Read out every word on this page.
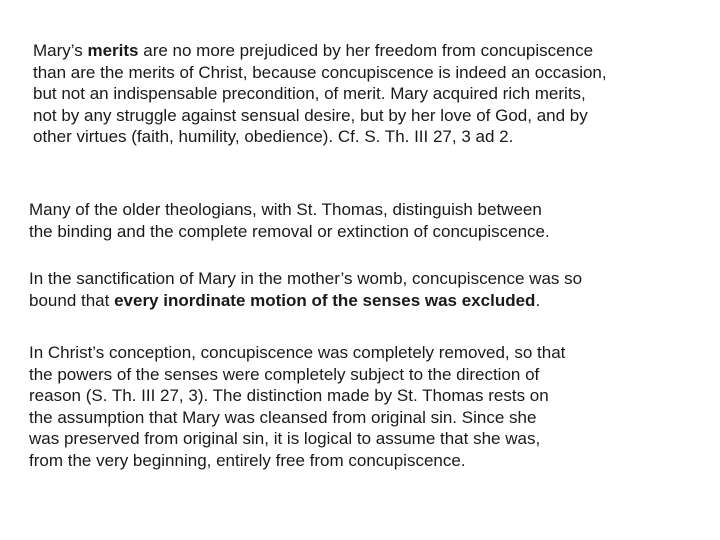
Mary’s merits are no more prejudiced by her freedom from concupiscence
than are the merits of Christ, because concupiscence is indeed an occasion,
but not an indispensable precondition, of merit. Mary acquired rich merits,
not by any struggle against sensual desire, but by her love of God, and by
other virtues (faith, humility, obedience). Cf. S. Th. III 27, 3 ad 2.

Many of the older theologians, with St. Thomas, distinguish between
the binding and the complete removal or extinction of concupiscence.

In the sanctification of Mary in the mother’s womb, concupiscence was so
bound that every inordinate motion of the senses was excluded.

In Christ’s conception, concupiscence was completely removed, so that
the powers of the senses were completely subject to the direction of
reason (S. Th. III 27, 3). The distinction made by St. Thomas rests on
the assumption that Mary was cleansed from original sin. Since she
was preserved from original sin, it is logical to assume that she was,
from the very beginning, entirely free from concupiscence.
